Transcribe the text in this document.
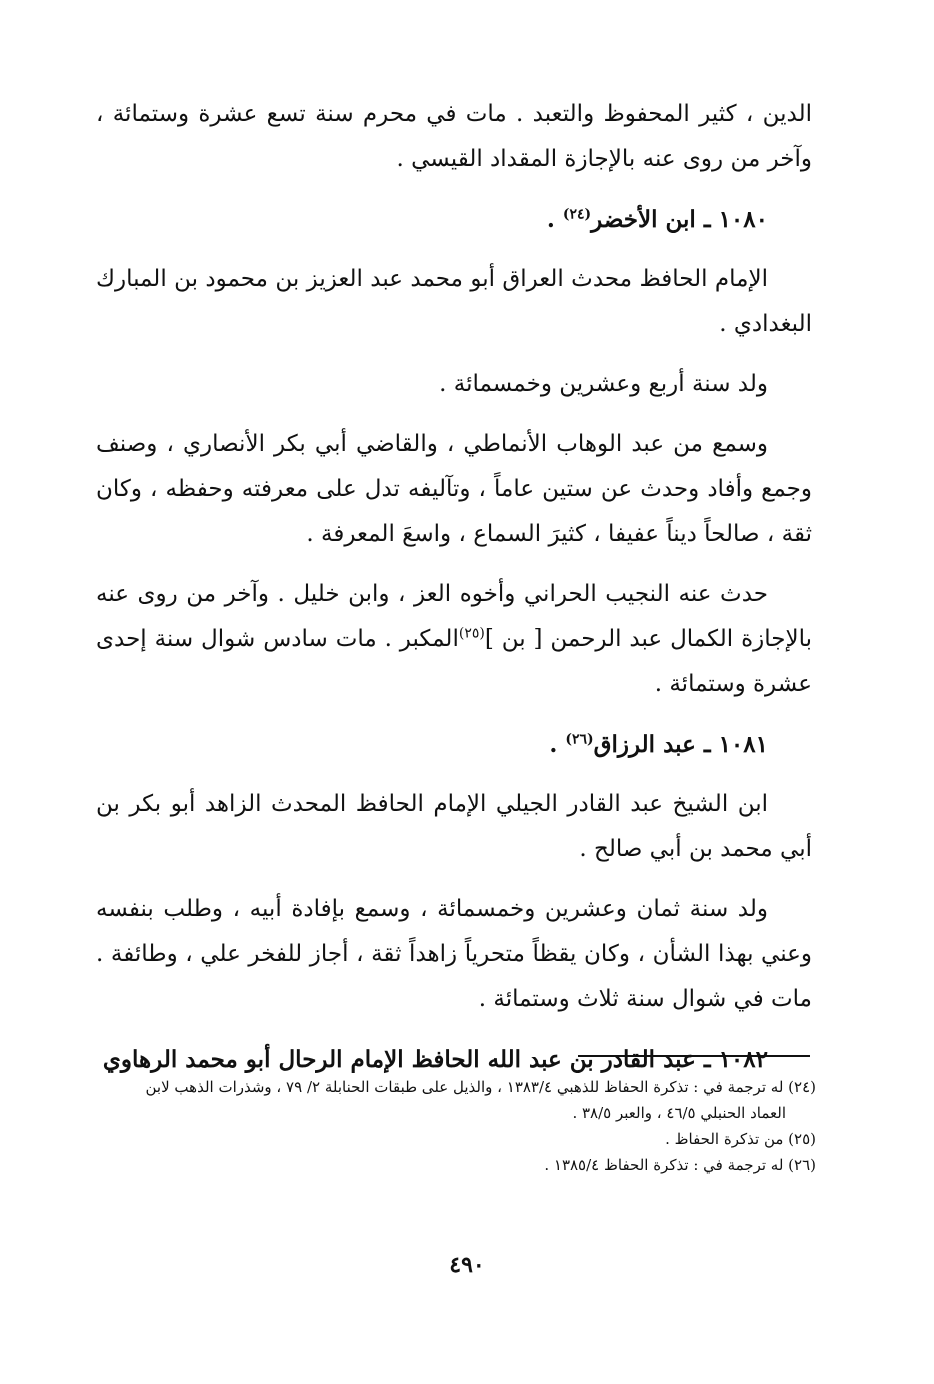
الدين ، كثير المحفوظ والتعبد . مات في محرم سنة تسع عشرة وستمائة ، وآخر من روى عنه بالإجازة المقداد القيسي .

١٠٨٠ ـ ابن الأخضر$^{(٢٤)}$ .

الإمام الحافظ محدث العراق أبو محمد عبد العزيز بن محمود بن المبارك البغدادي .

ولد سنة أربع وعشرين وخمسمائة .

وسمع من عبد الوهاب الأنماطي ، والقاضي أبي بكر الأنصاري ، وصنف وجمع وأفاد وحدث عن ستين عاماً ، وتآليفه تدل على معرفته وحفظه ، وكان ثقة ، صالحاً ديناً عفيفا ، كثيرَ السماع ، واسعَ المعرفة .

حدث عنه النجيب الحراني وأخوه العز ، وابن خليل . وآخر من روى عنه بالإجازة الكمال عبد الرحمن [ بن ]$^{(٢٥)}$المكبر . مات سادس شوال سنة إحدى عشرة وستمائة .

١٠٨١ ـ عبد الرزاق$^{(٢٦)}$ .

ابن الشيخ عبد القادر الجيلي الإمام الحافظ المحدث الزاهد أبو بكر بن أبي محمد بن أبي صالح .

ولد سنة ثمان وعشرين وخمسمائة ، وسمع بإفادة أبيه ، وطلب بنفسه وعني بهذا الشأن ، وكان يقظاً متحرياً زاهداً ثقة ، أجاز للفخر علي ، وطائفة . مات في شوال سنة ثلاث وستمائة .

١٠٨٢ ـ عبد القادر بن عبد الله الحافظ الإمام الرحال أبو محمد الرهاوي

(٢٤) له ترجمة في : تذكرة الحفاظ للذهبي ١٣٨٣/٤ ، والذيل على طبقات الحنابلة ٢/ ٧٩ ، وشذرات الذهب لابن

العماد الحنبلي ٤٦/٥ ، والعبر ٣٨/٥ .

(٢٥) من تذكرة الحفاظ .

(٢٦) له ترجمة في : تذكرة الحفاظ ١٣٨٥/٤ .

٤٩٠
